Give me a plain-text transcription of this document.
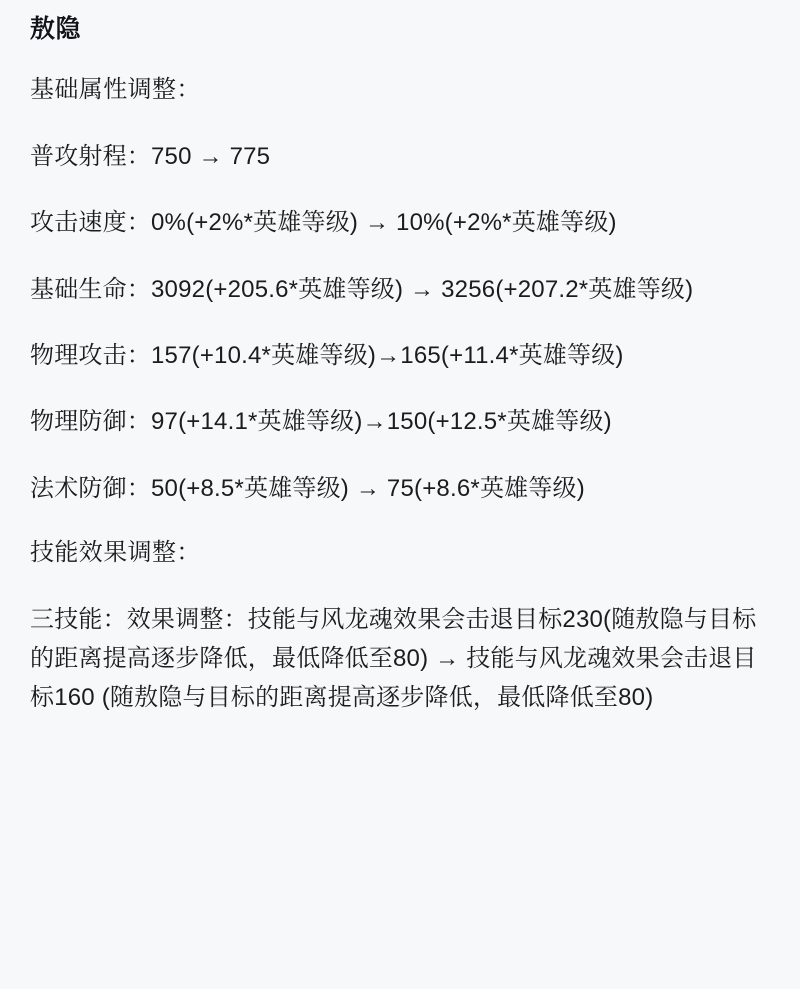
敖隐
基础属性调整：
普攻射程：750 → 775
攻击速度：0%(+2%*英雄等级) → 10%(+2%*英雄等级)
基础生命：3092(+205.6*英雄等级) → 3256(+207.2*英雄等级)
物理攻击：157(+10.4*英雄等级)→165(+11.4*英雄等级)
物理防御：97(+14.1*英雄等级)→150(+12.5*英雄等级)
法术防御：50(+8.5*英雄等级) → 75(+8.6*英雄等级)
技能效果调整：

三技能：效果调整：技能与风龙魂效果会击退目标230(随敖隐与目标的距离提高逐步降低，最低降低至80) → 技能与风龙魂效果会击退目标160 (随敖隐与目标的距离提高逐步降低，最低降低至80)
